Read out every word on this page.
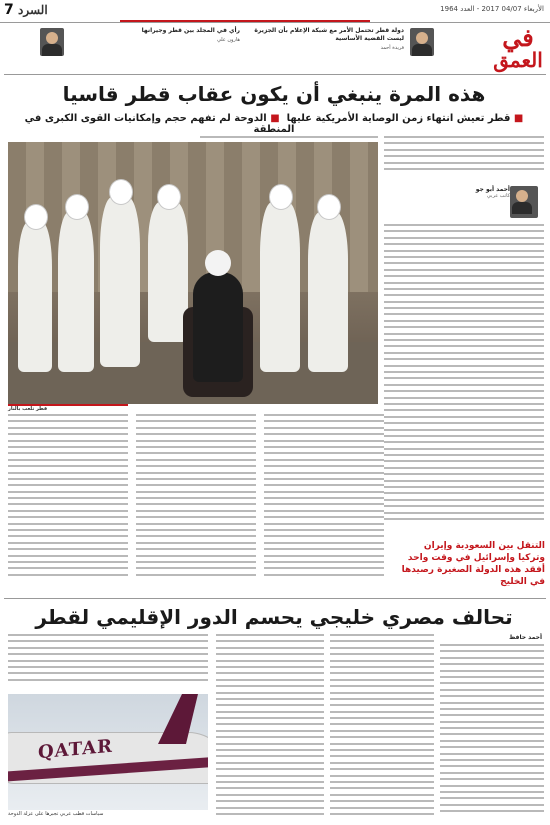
7 السرد	الأربعاء 04/07 2017 - العدد 1964
في
العمق
دولة قطر تحتمل الأمر مع شبكة الإعلام بأن الجزيرة ليست القضية الأساسية
فريدة أحمد
رأي في المجلد بين قطر وجيرانها
هارون علي
هذه المرة ينبغي أن يكون عقاب قطر قاسيا
■ قطر تعيش انتهاء زمن الوصاية الأمريكية عليها  ■ الدوحة لم تفهم حجم وإمكانيات القوى الكبرى في المنطقة
أحمد أبو جو
كاتب عربي
قطر تلعب بالنار
التنقل بين السعودية وإيران وتركيا وإسرائيل في وقت واحد أفقد هذه الدولة الصغيرة رصيدها في الخليج
تحالف مصري خليجي يحسم الدور الإقليمي لقطر
أحمد حافظ
QATAR
سياسات قطب عربي تجبرها على عزلة الدوحة
